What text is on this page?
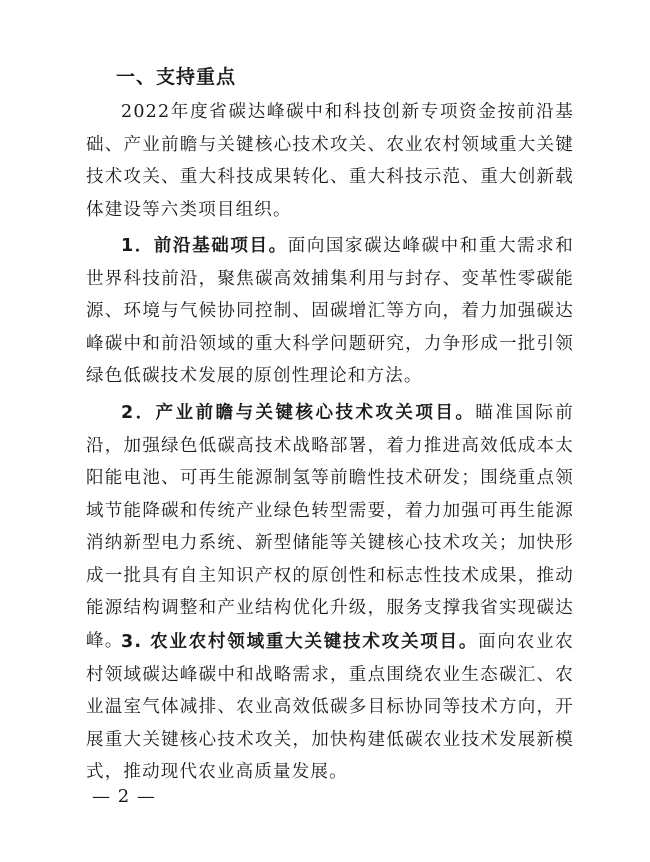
一、支持重点

2022年度省碳达峰碳中和科技创新专项资金按前沿基础、产业前瞻与关键核心技术攻关、农业农村领域重大关键技术攻关、重大科技成果转化、重大科技示范、重大创新载体建设等六类项目组织。

1．前沿基础项目。面向国家碳达峰碳中和重大需求和世界科技前沿，聚焦碳高效捕集利用与封存、变革性零碳能源、环境与气候协同控制、固碳增汇等方向，着力加强碳达峰碳中和前沿领域的重大科学问题研究，力争形成一批引领绿色低碳技术发展的原创性理论和方法。

2．产业前瞻与关键核心技术攻关项目。瞄准国际前沿，加强绿色低碳高技术战略部署，着力推进高效低成本太阳能电池、可再生能源制氢等前瞻性技术研发；围绕重点领域节能降碳和传统产业绿色转型需要，着力加强可再生能源消纳新型电力系统、新型储能等关键核心技术攻关；加快形成一批具有自主知识产权的原创性和标志性技术成果，推动能源结构调整和产业结构优化升级，服务支撑我省实现碳达峰。

3. 农业农村领域重大关键技术攻关项目。面向农业农村领域碳达峰碳中和战略需求，重点围绕农业生态碳汇、农业温室气体减排、农业高效低碳多目标协同等技术方向，开展重大关键核心技术攻关，加快构建低碳农业技术发展新模式，推动现代农业高质量发展。

— 2 —
